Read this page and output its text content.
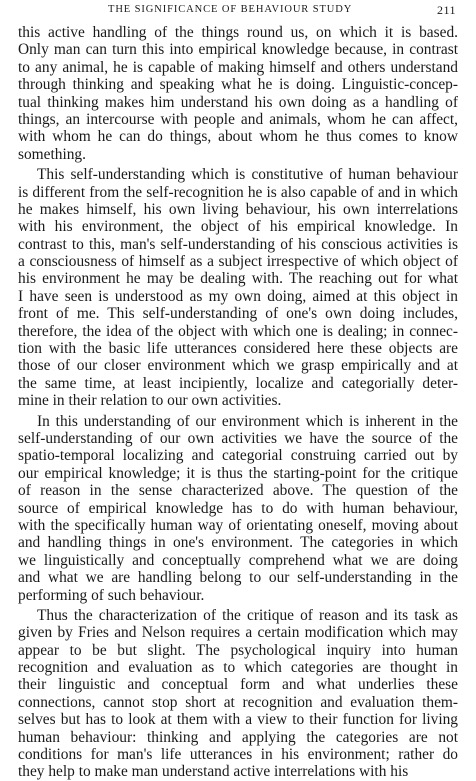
THE SIGNIFICANCE OF BEHAVIOUR STUDY	211
this active handling of the things round us, on which it is based.
Only man can turn this into empirical knowledge because, in contrast
to any animal, he is capable of making himself and others understand
through thinking and speaking what he is doing. Linguistic-concep-
tual thinking makes him understand his own doing as a handling of
things, an intercourse with people and animals, whom he can affect,
with whom he can do things, about whom he thus comes to know
something.
This self-understanding which is constitutive of human behaviour
is different from the self-recognition he is also capable of and in which
he makes himself, his own living behaviour, his own interrelations
with his environment, the object of his empirical knowledge. In
contrast to this, man's self-understanding of his conscious activities is
a consciousness of himself as a subject irrespective of which object of
his environment he may be dealing with. The reaching out for what
I have seen is understood as my own doing, aimed at this object in
front of me. This self-understanding of one's own doing includes,
therefore, the idea of the object with which one is dealing; in connec-
tion with the basic life utterances considered here these objects are
those of our closer environment which we grasp empirically and at
the same time, at least incipiently, localize and categorially deter-
mine in their relation to our own activities.
In this understanding of our environment which is inherent in the
self-understanding of our own activities we have the source of the
spatio-temporal localizing and categorial construing carried out by
our empirical knowledge; it is thus the starting-point for the critique
of reason in the sense characterized above. The question of the
source of empirical knowledge has to do with human behaviour,
with the specifically human way of orientating oneself, moving about
and handling things in one's environment. The categories in which
we linguistically and conceptually comprehend what we are doing
and what we are handling belong to our self-understanding in the
performing of such behaviour.
Thus the characterization of the critique of reason and its task as
given by Fries and Nelson requires a certain modification which may
appear to be but slight. The psychological inquiry into human
recognition and evaluation as to which categories are thought in
their linguistic and conceptual form and what underlies these
connections, cannot stop short at recognition and evaluation them-
selves but has to look at them with a view to their function for living
human behaviour: thinking and applying the categories are not
conditions for man's life utterances in his environment; rather do
they help to make man understand active interrelations with his
